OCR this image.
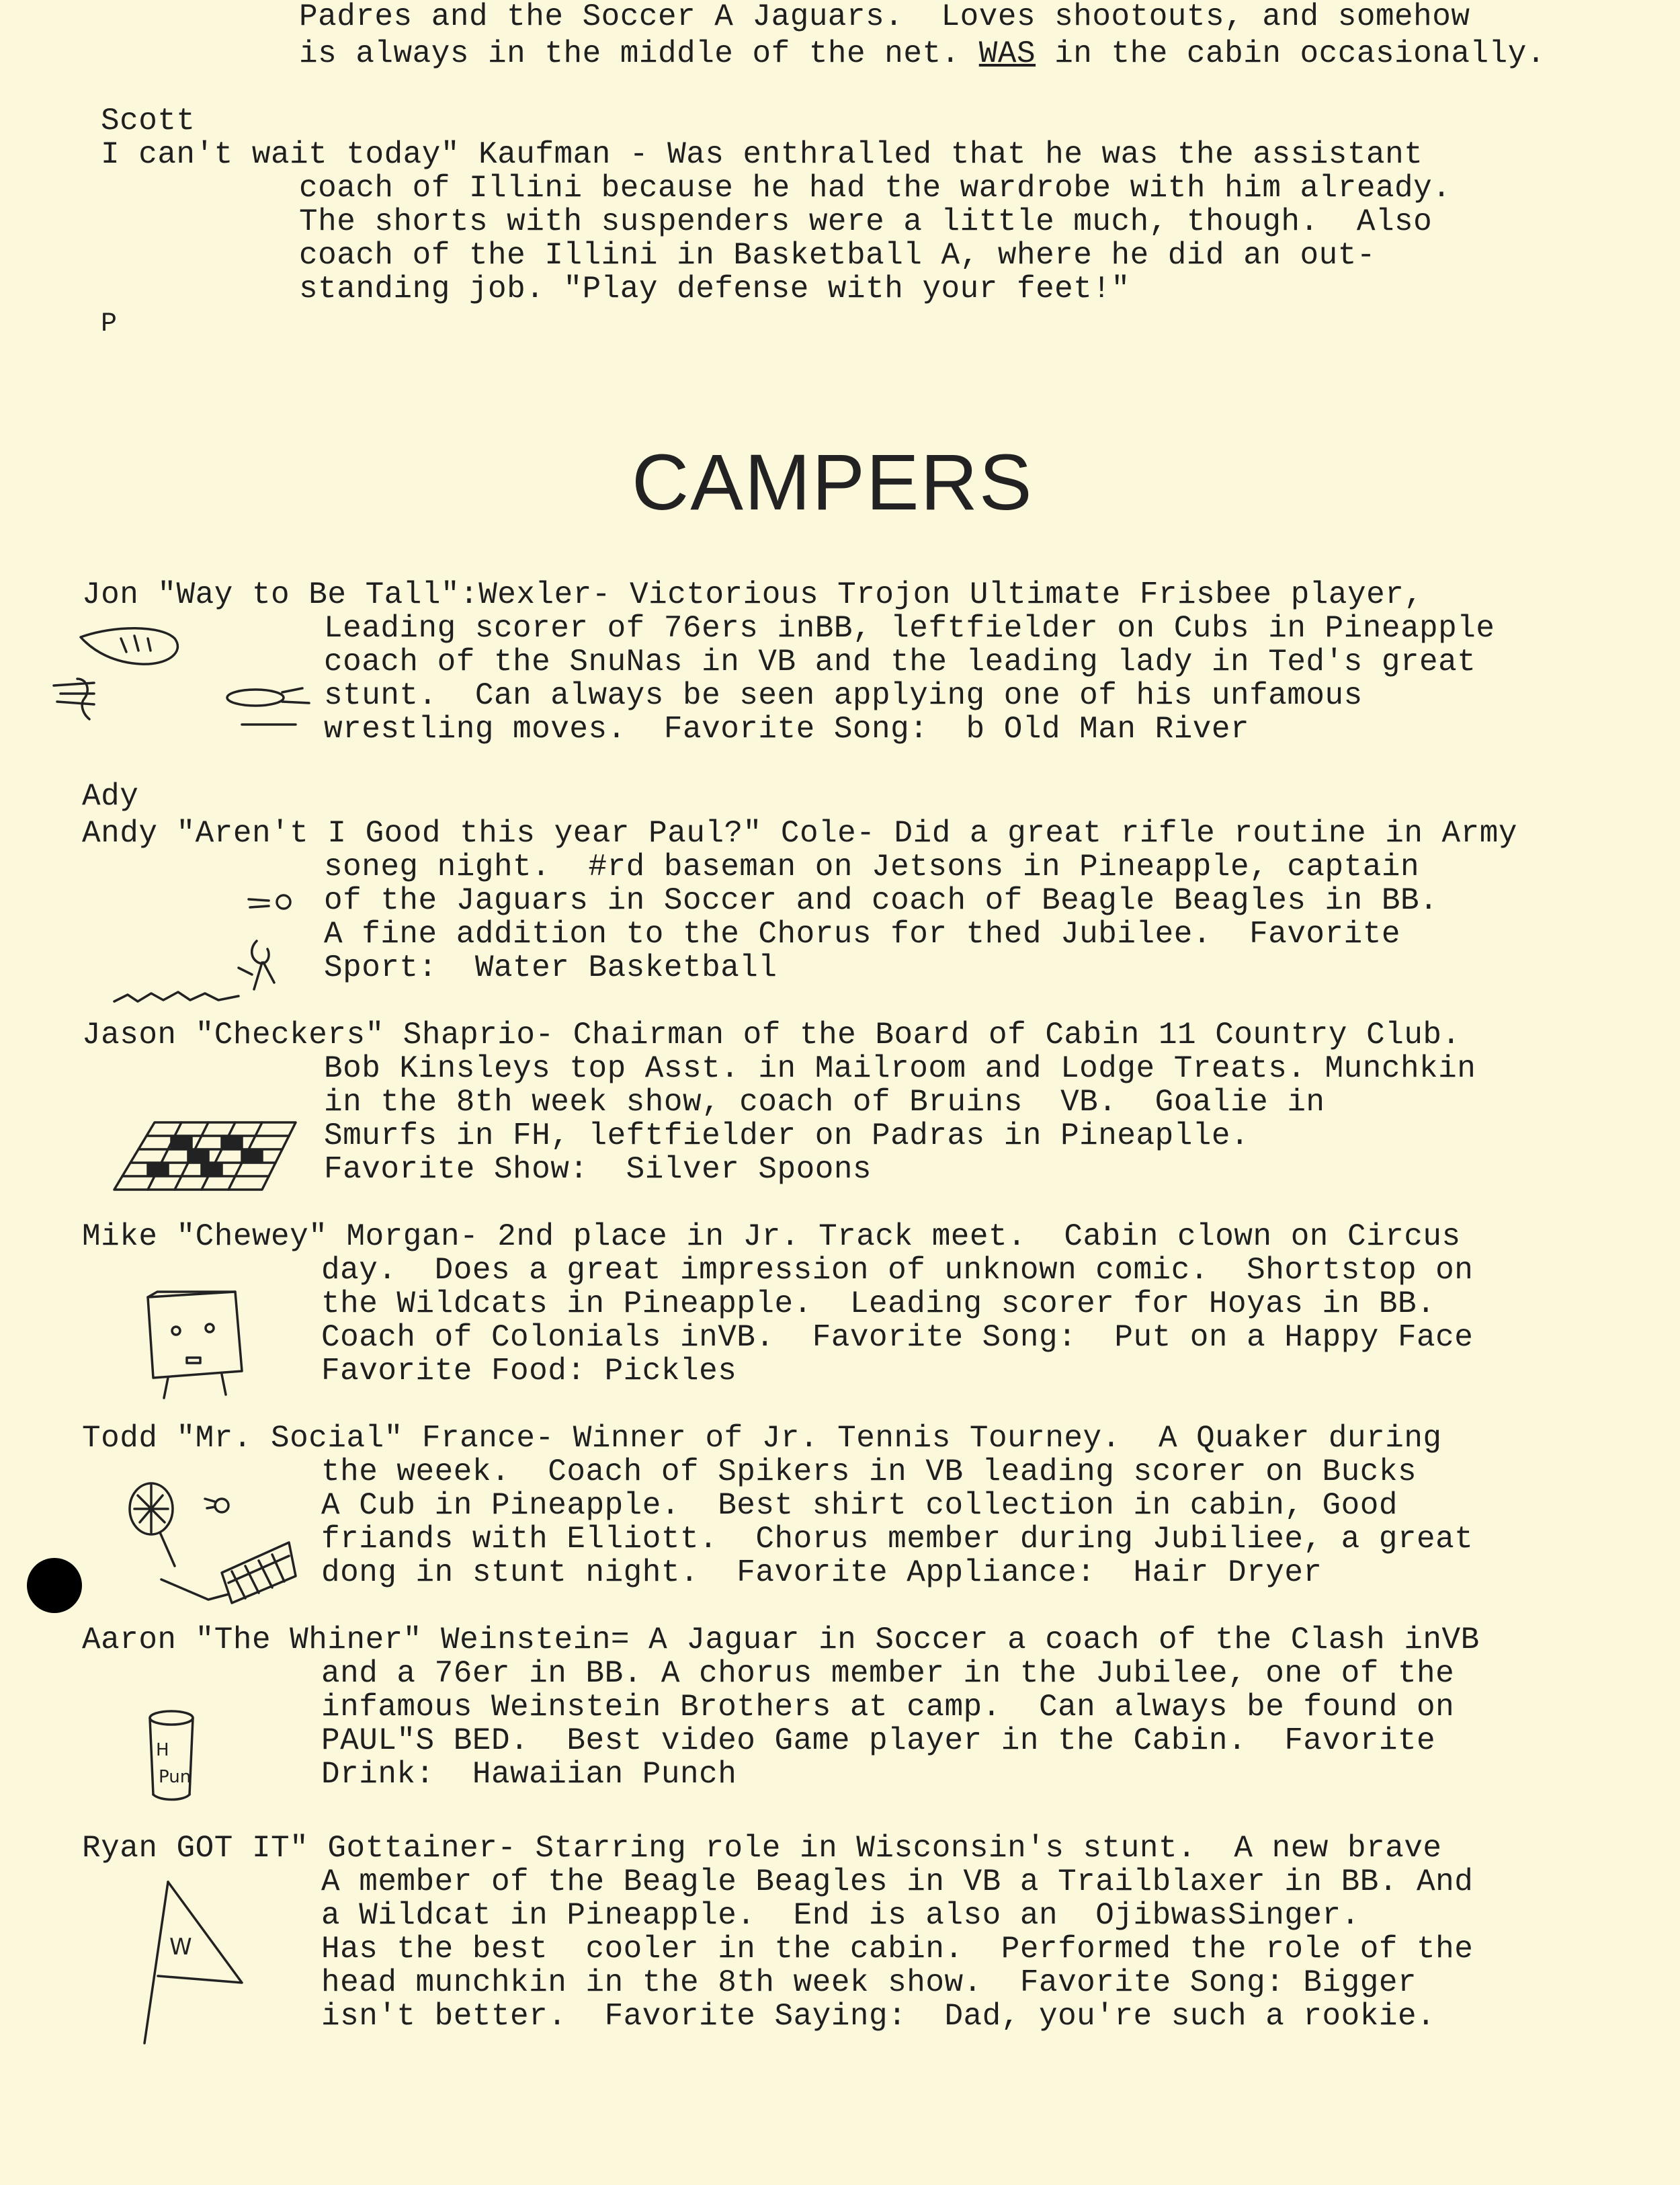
Padres and the Soccer A Jaguars.  Loves shootouts, and somehow
is always in the middle of the net. WAS in the cabin occasionally.
Scott
I can't wait today" Kaufman - Was enthralled that he was the assistant
coach of Illini because he had the wardrobe with him already.
The shorts with suspenders were a little much, though.  Also
coach of the Illini in Basketball A, where he did an out-
standing job. "Play defense with your feet!"
P
CAMPERS
Jon "Way to Be Tall":Wexler- Victorious Trojon Ultimate Frisbee player,
Leading scorer of 76ers inBB, leftfielder on Cubs in Pineapple
coach of the SnuNas in VB and the leading lady in Ted's great
stunt.  Can always be seen applying one of his unfamous
wrestling moves.  Favorite Song:  b Old Man River
Ady
Andy "Aren't I Good this year Paul?" Cole- Did a great rifle routine in Army
soneg night.  #rd baseman on Jetsons in Pineapple, captain
of the Jaguars in Soccer and coach of Beagle Beagles in BB.
A fine addition to the Chorus for thed Jubilee.  Favorite
Sport:  Water Basketball
Jason "Checkers" Shaprio- Chairman of the Board of Cabin 11 Country Club.
Bob Kinsleys top Asst. in Mailroom and Lodge Treats. Munchkin
in the 8th week show, coach of Bruins  VB.  Goalie in
Smurfs in FH, leftfielder on Padras in Pineaplle.
Favorite Show:  Silver Spoons
Mike "Chewey" Morgan- 2nd place in Jr. Track meet.  Cabin clown on Circus
day.  Does a great impression of unknown comic.  Shortstop on
the Wildcats in Pineapple.  Leading scorer for Hoyas in BB.
Coach of Colonials inVB.  Favorite Song:  Put on a Happy Face
Favorite Food: Pickles
Todd "Mr. Social" France- Winner of Jr. Tennis Tourney.  A Quaker during
the weeek.  Coach of Spikers in VB leading scorer on Bucks
A Cub in Pineapple.  Best shirt collection in cabin, Good
friands with Elliott.  Chorus member during Jubiliee, a great
dong in stunt night.  Favorite Appliance:  Hair Dryer
Aaron "The Whiner" Weinstein= A Jaguar in Soccer a coach of the Clash inVB
and a 76er in BB. A chorus member in the Jubilee, one of the
infamous Weinstein Brothers at camp.  Can always be found on
PAUL"S BED.  Best video Game player in the Cabin.  Favorite
Drink:  Hawaiian Punch
H
Pun
Ryan GOT IT" Gottainer- Starring role in Wisconsin's stunt.  A new brave
A member of the Beagle Beagles in VB a Trailblaxer in BB. And
a Wildcat in Pineapple.  End is also an  OjibwasSinger.
Has the best  cooler in the cabin.  Performed the role of the
head munchkin in the 8th week show.  Favorite Song: Bigger
isn't better.  Favorite Saying:  Dad, you're such a rookie.
W
